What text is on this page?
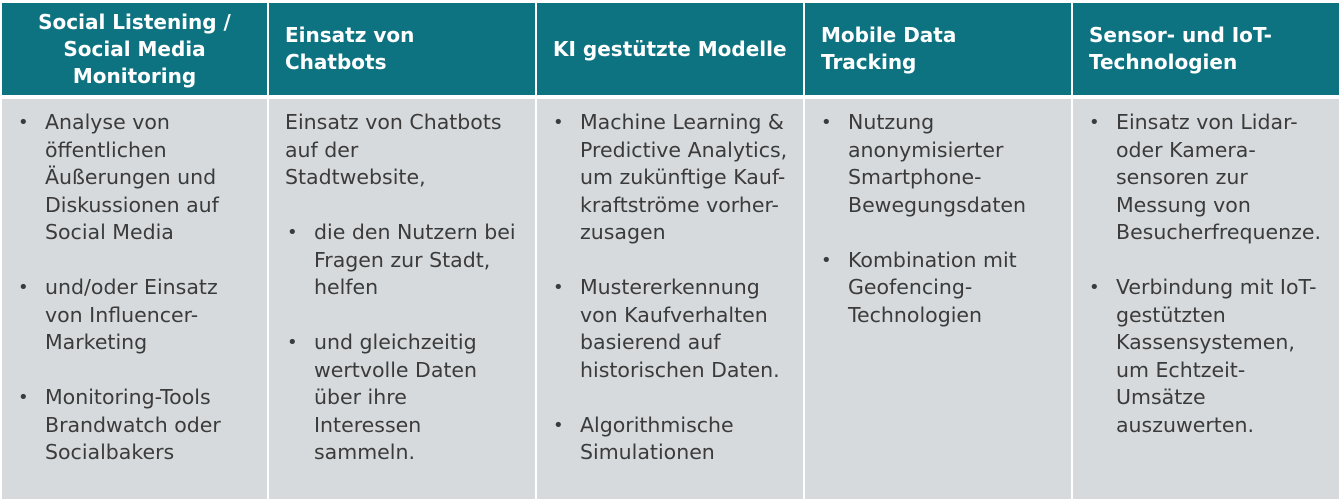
Social Listening / Social Media Monitoring
Einsatz von Chatbots
KI gestützte Modelle
Mobile Data Tracking
Sensor- und IoT-Technologien
• Analyse von öffentlichen Äußerungen und Diskussionen auf Social Media
• und/oder Einsatz von Influencer-Marketing
• Monitoring-Tools Brandwatch oder Socialbakers

Einsatz von Chatbots auf der Stadtwebsite,

• die den Nutzern bei Fragen zur Stadt, helfen
• und gleichzeitig wertvolle Daten über ihre Interessen sammeln.
• Machine Learning & Predictive Analytics, um zukünftige Kauf-kraftströme vorher-zusagen
• Mustererkennung von Kaufverhalten basierend auf historischen Daten.
• Algorithmische Simulationen
• Nutzung anonymisierter Smartphone-Bewegungsdaten
• Kombination mit Geofencing-Technologien
• Einsatz von Lidar- oder Kamera-sensoren zur Messung von Besucherfrequenze.
• Verbindung mit IoT-gestützten Kassensystemen, um Echtzeit-Umsätze auszuwerten.
